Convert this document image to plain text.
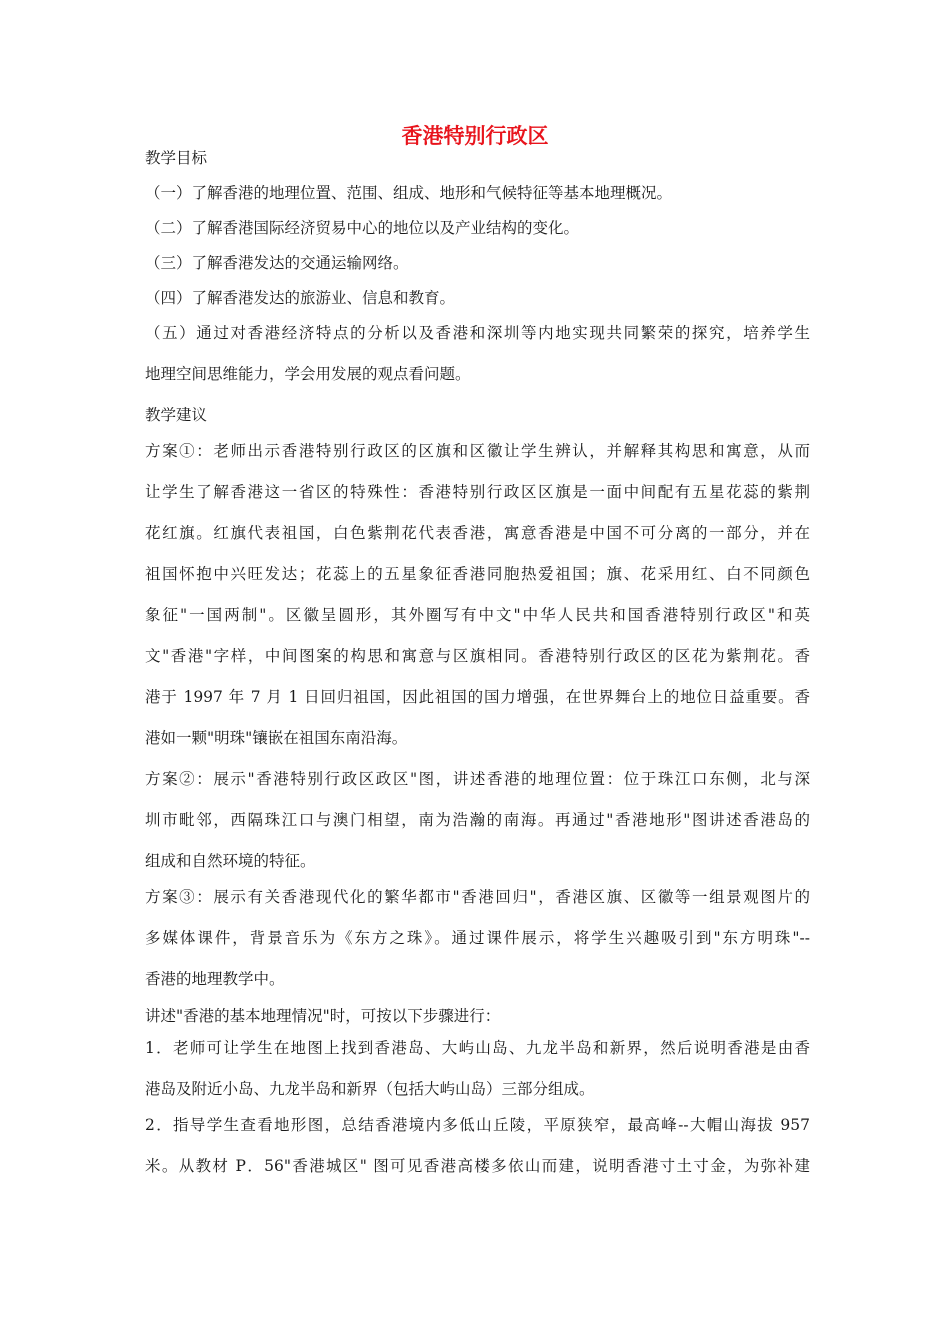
香港特别行政区

教学目标

（一）了解香港的地理位置、范围、组成、地形和气候特征等基本地理概况。

（二）了解香港国际经济贸易中心的地位以及产业结构的变化。

（三）了解香港发达的交通运输网络。

（四）了解香港发达的旅游业、信息和教育。

（五）通过对香港经济特点的分析以及香港和深圳等内地实现共同繁荣的探究，培养学生

地理空间思维能力，学会用发展的观点看问题。

教学建议

方案①：老师出示香港特别行政区的区旗和区徽让学生辨认，并解释其构思和寓意，从而

让学生了解香港这一省区的特殊性：香港特别行政区区旗是一面中间配有五星花蕊的紫荆

花红旗。红旗代表祖国，白色紫荆花代表香港，寓意香港是中国不可分离的一部分，并在

祖国怀抱中兴旺发达；花蕊上的五星象征香港同胞热爱祖国；旗、花采用红、白不同颜色

象征"一国两制"。区徽呈圆形，其外圈写有中文"中华人民共和国香港特别行政区"和英

文"香港"字样，中间图案的构思和寓意与区旗相同。香港特别行政区的区花为紫荆花。香

港于 1997 年 7 月 1 日回归祖国，因此祖国的国力增强，在世界舞台上的地位日益重要。香

港如一颗"明珠"镶嵌在祖国东南沿海。

方案②：展示"香港特别行政区政区"图，讲述香港的地理位置：位于珠江口东侧，北与深

圳市毗邻，西隔珠江口与澳门相望，南为浩瀚的南海。再通过"香港地形"图讲述香港岛的

组成和自然环境的特征。

方案③：展示有关香港现代化的繁华都市"香港回归"，香港区旗、区徽等一组景观图片的

多媒体课件，背景音乐为《东方之珠》。通过课件展示，将学生兴趣吸引到"东方明珠"--

香港的地理教学中。

讲述"香港的基本地理情况"时，可按以下步骤进行：

1．老师可让学生在地图上找到香港岛、大屿山岛、九龙半岛和新界，然后说明香港是由香

港岛及附近小岛、九龙半岛和新界（包括大屿山岛）三部分组成。

2．指导学生查看地形图，总结香港境内多低山丘陵，平原狭窄，最高峰--大帽山海拔 957

米。从教材 P．56"香港城区" 图可见香港高楼多依山而建，说明香港寸土寸金，为弥补建
